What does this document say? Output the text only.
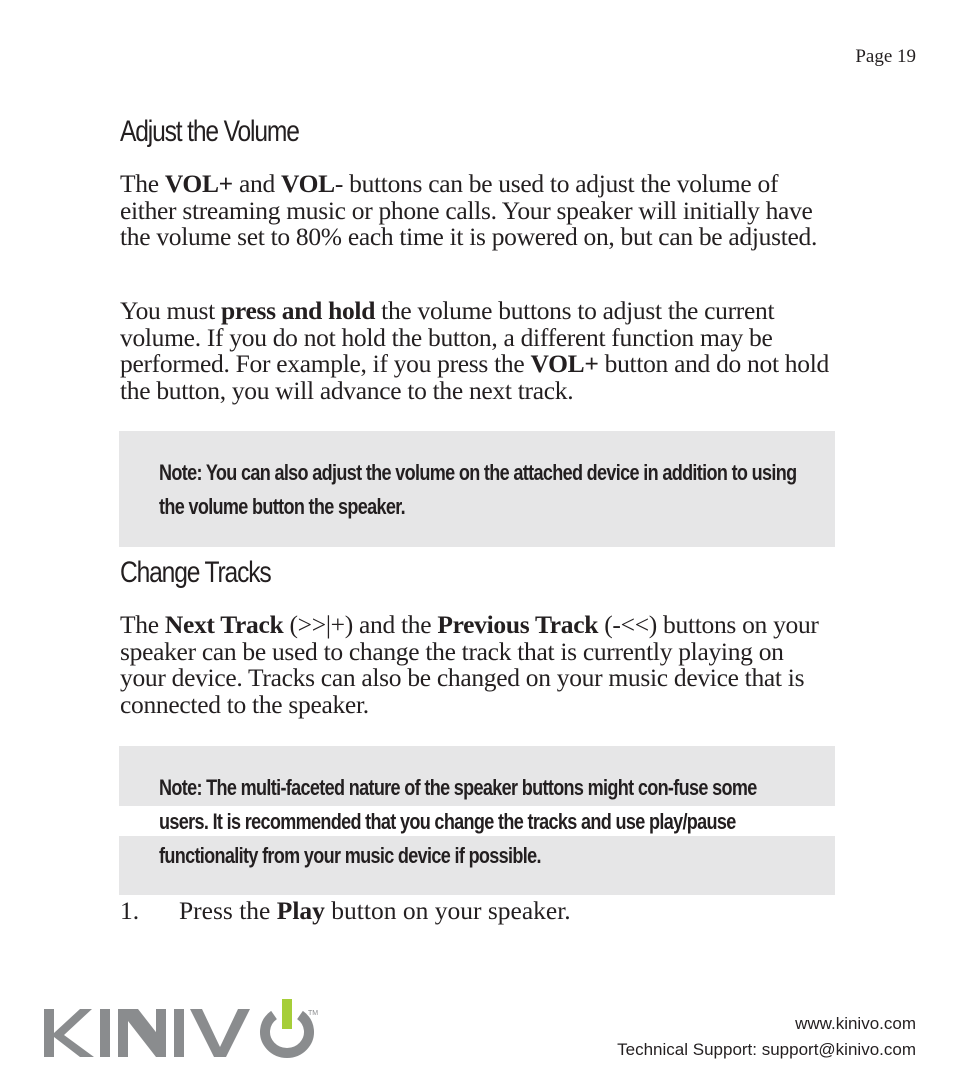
Page 19
Adjust the Volume

The VOL+ and VOL- buttons can be used to adjust the volume of either streaming music or phone calls. Your speaker will initially have the volume set to 80% each time it is powered on, but can be adjusted.

You must press and hold the volume buttons to adjust the current volume. If you do not hold the button, a different function may be performed. For example, if you press the VOL+ button and do not hold the button, you will advance to the next track.

Note: You can also adjust the volume on the attached device in addition to using the volume button the speaker.

Change Tracks

The Next Track (>>|+) and the Previous Track (-<<) buttons on your speaker can be used to change the track that is currently playing on your device. Tracks can also be changed on your music device that is connected to the speaker.

Note: The multi-faceted nature of the speaker buttons might con-fuse some users. It is recommended that you change the tracks and use play/pause functionality from your music device if possible.

1. Press the Play button on your speaker.
TM
www.kinivo.com
Technical Support: support@kinivo.com
